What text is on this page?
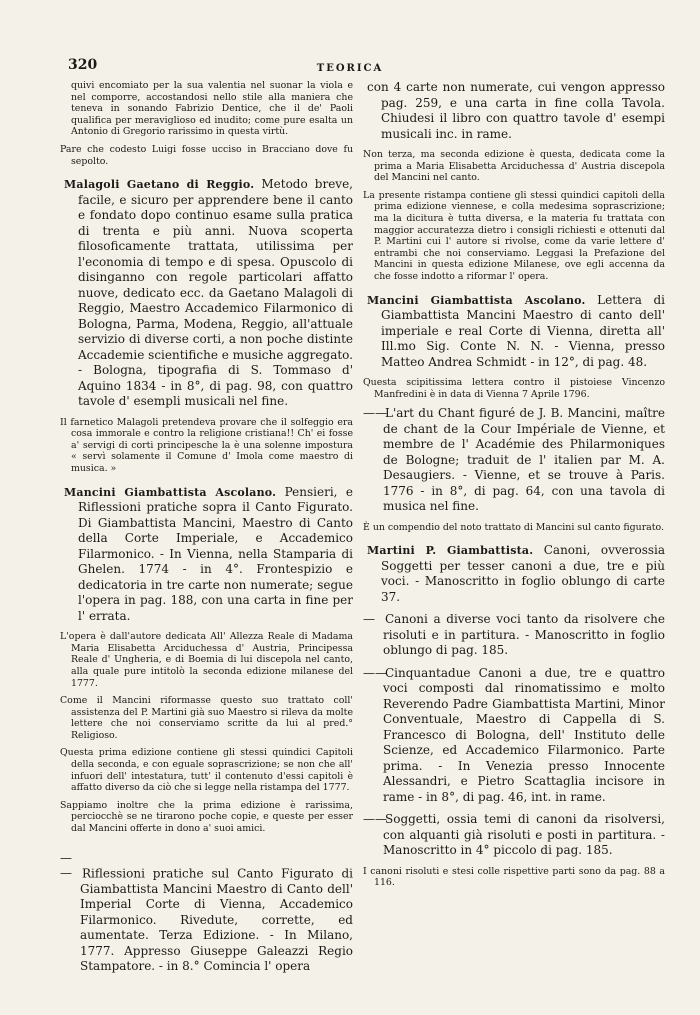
320	TEORICA

quivi encomiato per la sua valentia nel suonar la viola e nel comporre, accostandosi nello stile alla maniera che teneva in sonando Fabrizio Dentice, che il de' Paoli qualifica per meraviglioso ed inudito; come pure esalta un Antonio di Gregorio rarissimo in questa virtù.

Pare che codesto Luigi fosse ucciso in Bracciano dove fu sepolto.

Malagoli Gaetano di Reggio. Metodo breve, facile, e sicuro per apprendere bene il canto e fondato dopo continuo esame sulla pratica di trenta e più anni. Nuova scoperta filosoficamente trattata, utilissima per l'economia di tempo e di spesa. Opuscolo di disinganno con regole particolari affatto nuove, dedicato ecc. da Gaetano Malagoli di Reggio, Maestro Accademico Filarmonico di Bologna, Parma, Modena, Reggio, all'attuale servizio di diverse corti, a non poche distinte Accademie scientifiche e musiche aggregato. - Bologna, tipografia di S. Tommaso d' Aquino 1834 - in 8°, di pag. 98, con quattro tavole d' esempli musicali nel fine.

Il farnetico Malagoli pretendeva provare che il solfeggio era cosa immorale e contro la religione cristiana!! Ch' ei fosse a' servigi di corti principesche la è una solenne impostura « servì solamente il Comune d' Imola come maestro di musica. »

Mancini Giambattista Ascolano. Pensieri, e Riflessioni pratiche sopra il Canto Figurato. Di Giambattista Mancini, Maestro di Canto della Corte Imperiale, e Accademico Filarmonico. - In Vienna, nella Stamparia di Ghelen. 1774 - in 4°. Frontespizio e dedicatoria in tre carte non numerate; segue l'opera in pag. 188, con una carta in fine per l' errata.

L'opera è dall'autore dedicata All' Allezza Reale di Madama Maria Elisabetta Arciduchessa d' Austria, Principessa Reale d' Ungheria, e di Boemia di lui discepola nel canto, alla quale pure intitolò la seconda edizione milanese del 1777.

Come il Mancini riformasse questo suo trattato coll' assistenza del P. Martini già suo Maestro si rileva da molte lettere che noi conserviamo scritte da lui al pred.° Religioso.

Questa prima edizione contiene gli stessi quindici Capitoli della seconda, e con eguale soprascrizione; se non che all' infuori dell' intestatura, tutt' il contenuto d'essi capitoli è affatto diverso da ciò che si legge nella ristampa del 1777.

Sappiamo inoltre che la prima edizione è rarissima, perciocchè se ne tirarono poche copie, e queste per esser dal Mancini offerte in dono a' suoi amici.

— — Riflessioni pratiche sul Canto Figurato di Giambattista Mancini Maestro di Canto dell' Imperial Corte di Vienna, Accademico Filarmonico. Rivedute, corrette, ed aumentate. Terza Edizione. - In Milano, 1777. Appresso Giuseppe Galeazzi Regio Stampatore. - in 8.° Comincia l' opera

con 4 carte non numerate, cui vengon appresso pag. 259, e una carta in fine colla Tavola. Chiudesi il libro con quattro tavole d' esempi musicali inc. in rame.

Non terza, ma seconda edizione è questa, dedicata come la prima a Maria Elisabetta Arciduchessa d' Austria discepola del Mancini nel canto.

La presente ristampa contiene gli stessi quindici capitoli della prima edizione viennese, e colla medesima soprascrizione; ma la dicitura è tutta diversa, e la materia fu trattata con maggior accuratezza dietro i consigli richiesti e ottenuti dal P. Martini cui l' autore si rivolse, come da varie lettere d' entrambi che noi conserviamo. Leggasi la Prefazione del Mancini in questa edizione Milanese, ove egli accenna da che fosse indotto a riformar l' opera.

Mancini Giambattista Ascolano. Lettera di Giambattista Mancini Maestro di canto dell' imperiale e real Corte di Vienna, diretta all' Ill.mo Sig. Conte N. N. - Vienna, presso Matteo Andrea Schmidt - in 12°, di pag. 48.

Questa scipitissima lettera contro il pistoiese Vincenzo Manfredini è in data di Vienna 7 Aprile 1796.

——L'art du Chant figuré de J. B. Mancini, maître de chant de la Cour Impériale de Vienne, et membre de l' Académie des Philarmoniques de Bologne; traduit de l' italien par M. A. Desaugiers. - Vienne, et se trouve à Paris. 1776 - in 8°, di pag. 64, con una tavola di musica nel fine.

È un compendio del noto trattato di Mancini sul canto figurato.

Martini P. Giambattista. Canoni, ovverossia Soggetti per tesser canoni a due, tre e più voci. - Manoscritto in foglio oblungo di carte 37.

— Canoni a diverse voci tanto da risolvere che risoluti e in partitura. - Manoscritto in foglio oblungo di pag. 185.

——Cinquantadue Canoni a due, tre e quattro voci composti dal rinomatissimo e molto Reverendo Padre Giambattista Martini, Minor Conventuale, Maestro di Cappella di S. Francesco di Bologna, dell' Instituto delle Scienze, ed Accademico Filarmonico. Parte prima. - In Venezia presso Innocente Alessandri, e Pietro Scattaglia incisore in rame - in 8°, di pag. 46, int. in rame.

——Soggetti, ossia temi di canoni da risolversi, con alquanti già risoluti e posti in partitura. - Manoscritto in 4° piccolo di pag. 185.

I canoni risoluti e stesi colle rispettive parti sono da pag. 88 a 116.
